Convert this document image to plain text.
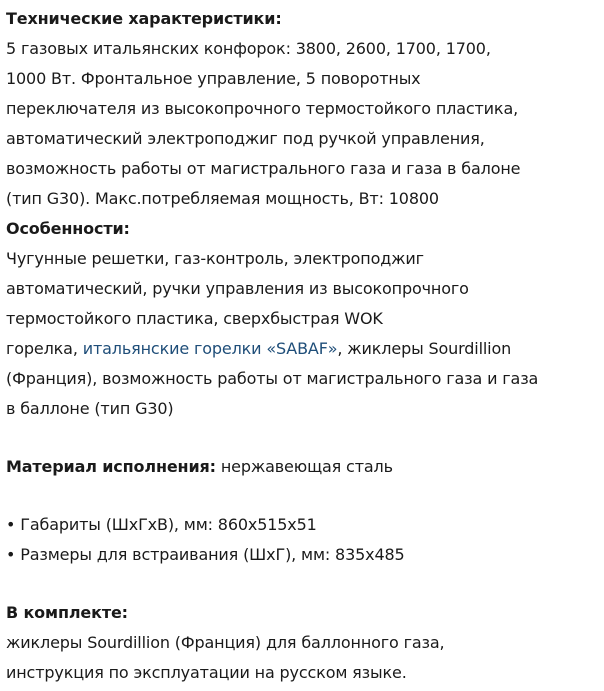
Технические характеристики:
5 газовых итальянских конфорок: 3800, 2600, 1700, 1700,
1000 Вт. Фронтальное управление, 5 поворотных
переключателя из высокопрочного термостойкого пластика,
автоматический электроподжиг под ручкой управления,
возможность работы от магистрального газа и газа в балоне
(тип G30). Макс.потребляемая мощность, Вт: 10800
Особенности:
Чугунные решетки, газ-контроль, электроподжиг
автоматический, ручки управления из высокопрочного
термостойкого пластика, сверхбыстрая WOK
горелка, итальянские горелки «SABAF», жиклеры Sourdillion
(Франция), возможность работы от магистрального газа и газа
в баллоне (тип G30)
Материал исполнения: нержавеющая сталь
• Габариты (ШхГхВ), мм: 860x515x51
• Размеры для встраивания (ШхГ), мм: 835x485
В комплекте:
жиклеры Sourdillion (Франция) для баллонного газа,
инструкция по эксплуатации на русском языке.
